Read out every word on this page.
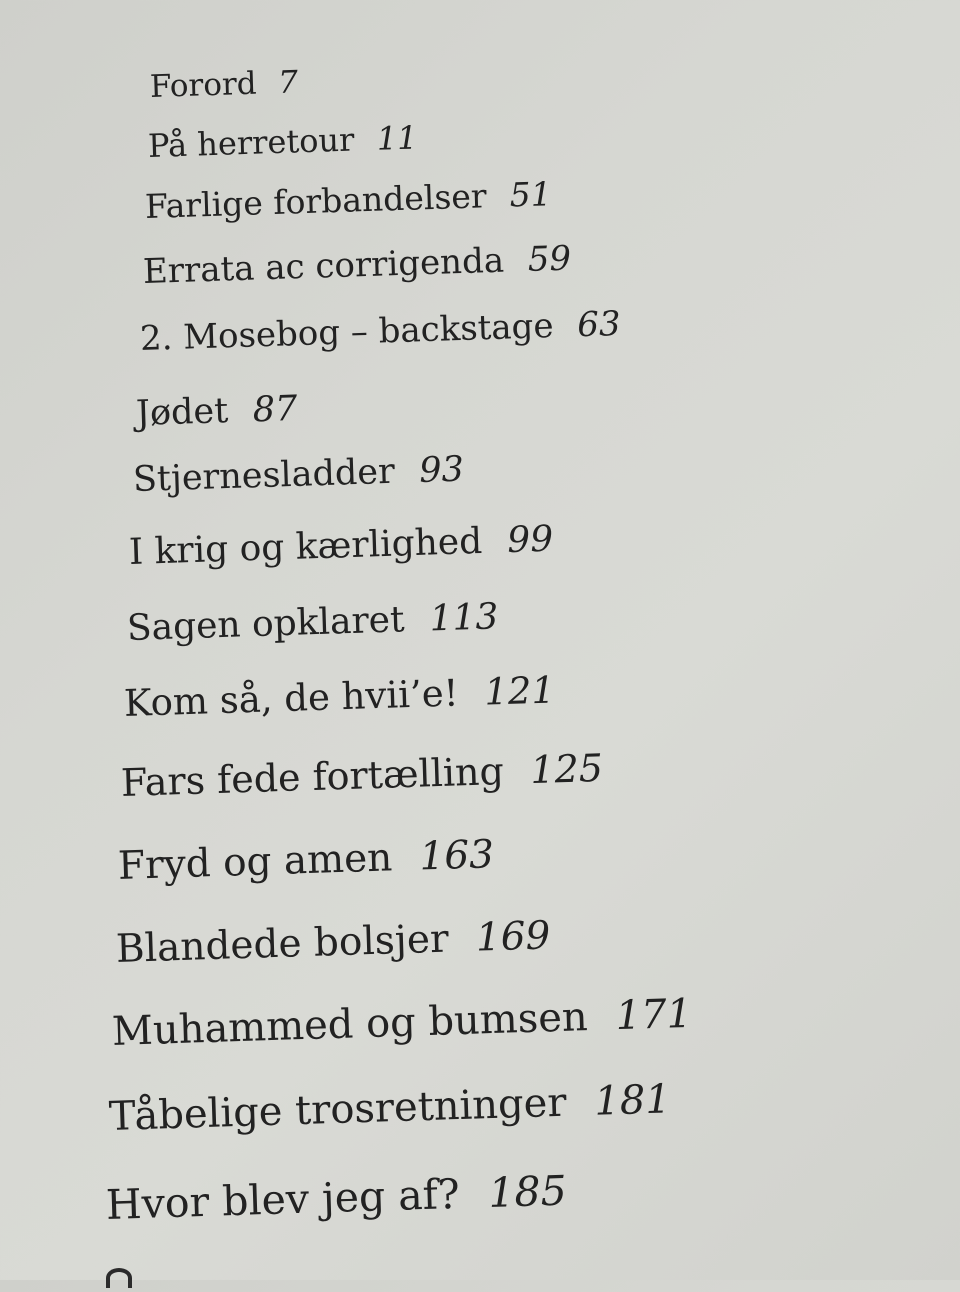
Forord 7
På herretour 11
Farlige forbandelser 51
Errata ac corrigenda 59
2. Mosebog – backstage 63
Jødet 87
Stjernesladder 93
I krig og kærlighed 99
Sagen opklaret 113
Kom så, de hvii’e! 121
Fars fede fortælling 125
Fryd og amen 163
Blandede bolsjer 169
Muhammed og bumsen 171
Tåbelige trosretninger 181
Hvor blev jeg af? 185
